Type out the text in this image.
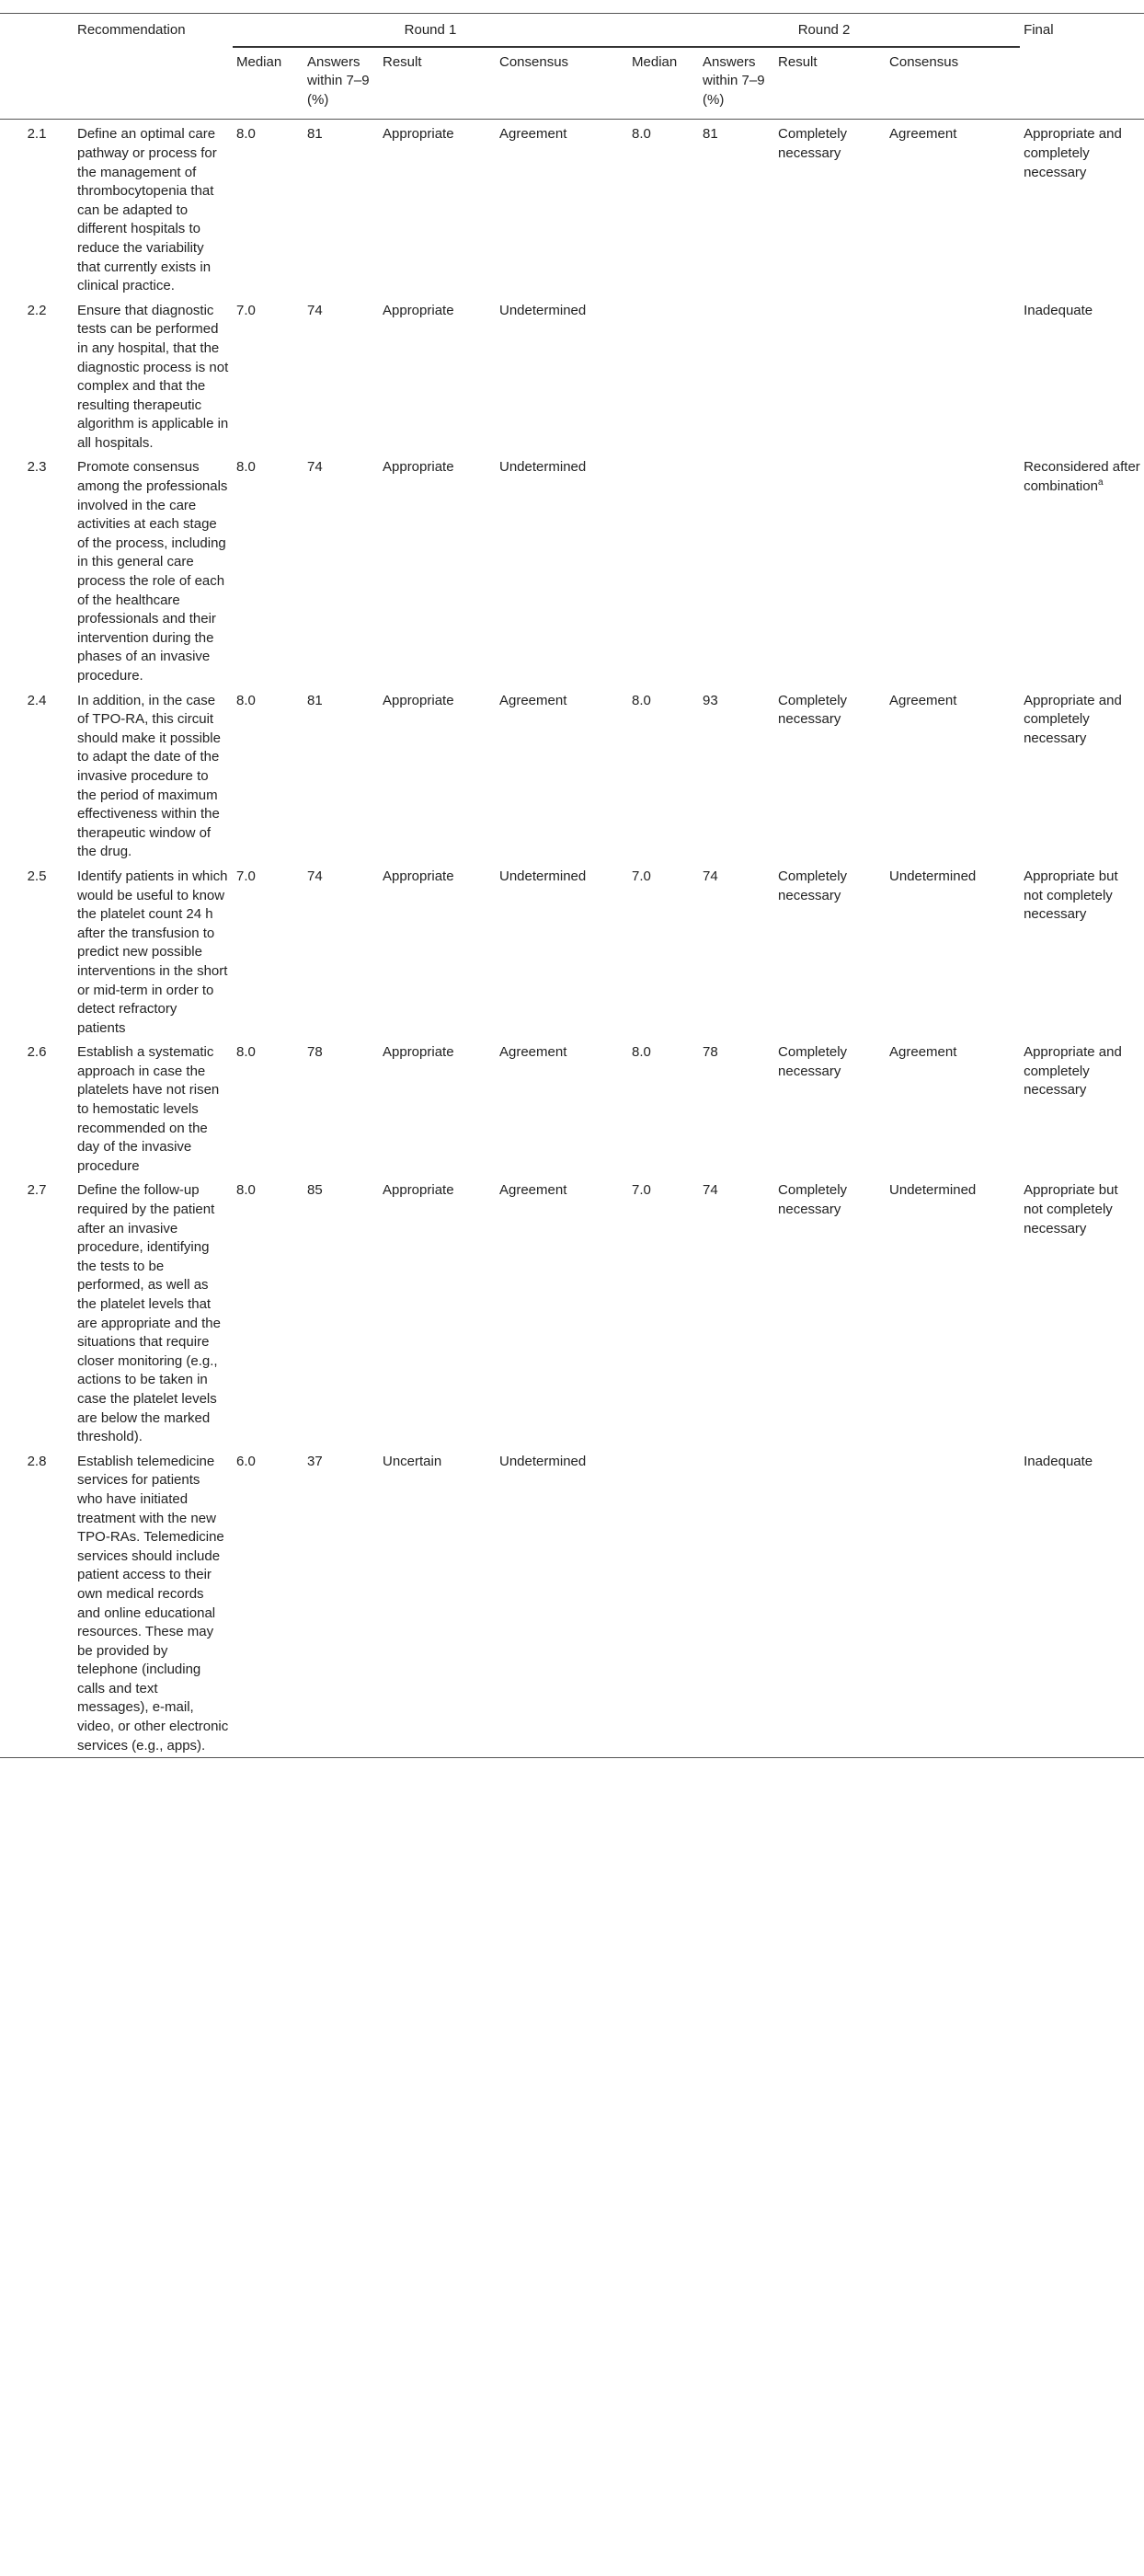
	Recommendation	Round 1				Round 2				Final
		Median	Answers within 7–9 (%)	Result	Consensus	Median	Answers within 7–9 (%)	Result	Consensus	
2.1	Define an optimal care pathway or process for the management of thrombocytopenia that can be adapted to different hospitals to reduce the variability that currently exists in clinical practice.	8.0	81	Appropriate	Agreement	8.0	81	Completely necessary	Agreement	Appropriate and completely necessary
2.2	Ensure that diagnostic tests can be performed in any hospital, that the diagnostic process is not complex and that the resulting therapeutic algorithm is applicable in all hospitals.	7.0	74	Appropriate	Undetermined					Inadequate
2.3	Promote consensus among the professionals involved in the care activities at each stage of the process, including in this general care process the role of each of the healthcare professionals and their intervention during the phases of an invasive procedure.	8.0	74	Appropriate	Undetermined					Reconsidered after combination$^a$
2.4	In addition, in the case of TPO-RA, this circuit should make it possible to adapt the date of the invasive procedure to the period of maximum effectiveness within the therapeutic window of the drug.	8.0	81	Appropriate	Agreement	8.0	93	Completely necessary	Agreement	Appropriate and completely necessary
2.5	Identify patients in which would be useful to know the platelet count 24 h after the transfusion to predict new possible interventions in the short or mid-term in order to detect refractory patients	7.0	74	Appropriate	Undetermined	7.0	74	Completely necessary	Undetermined	Appropriate but not completely necessary
2.6	Establish a systematic approach in case the platelets have not risen to hemostatic levels recommended on the day of the invasive procedure	8.0	78	Appropriate	Agreement	8.0	78	Completely necessary	Agreement	Appropriate and completely necessary
2.7	Define the follow-up required by the patient after an invasive procedure, identifying the tests to be performed, as well as the platelet levels that are appropriate and the situations that require closer monitoring (e.g., actions to be taken in case the platelet levels are below the marked threshold).	8.0	85	Appropriate	Agreement	7.0	74	Completely necessary	Undetermined	Appropriate but not completely necessary
2.8	Establish telemedicine services for patients who have initiated treatment with the new TPO-RAs. Telemedicine services should include patient access to their own medical records and online educational resources. These may be provided by telephone (including calls and text messages), e-mail, video, or other electronic services (e.g., apps).	6.0	37	Uncertain	Undetermined					Inadequate
